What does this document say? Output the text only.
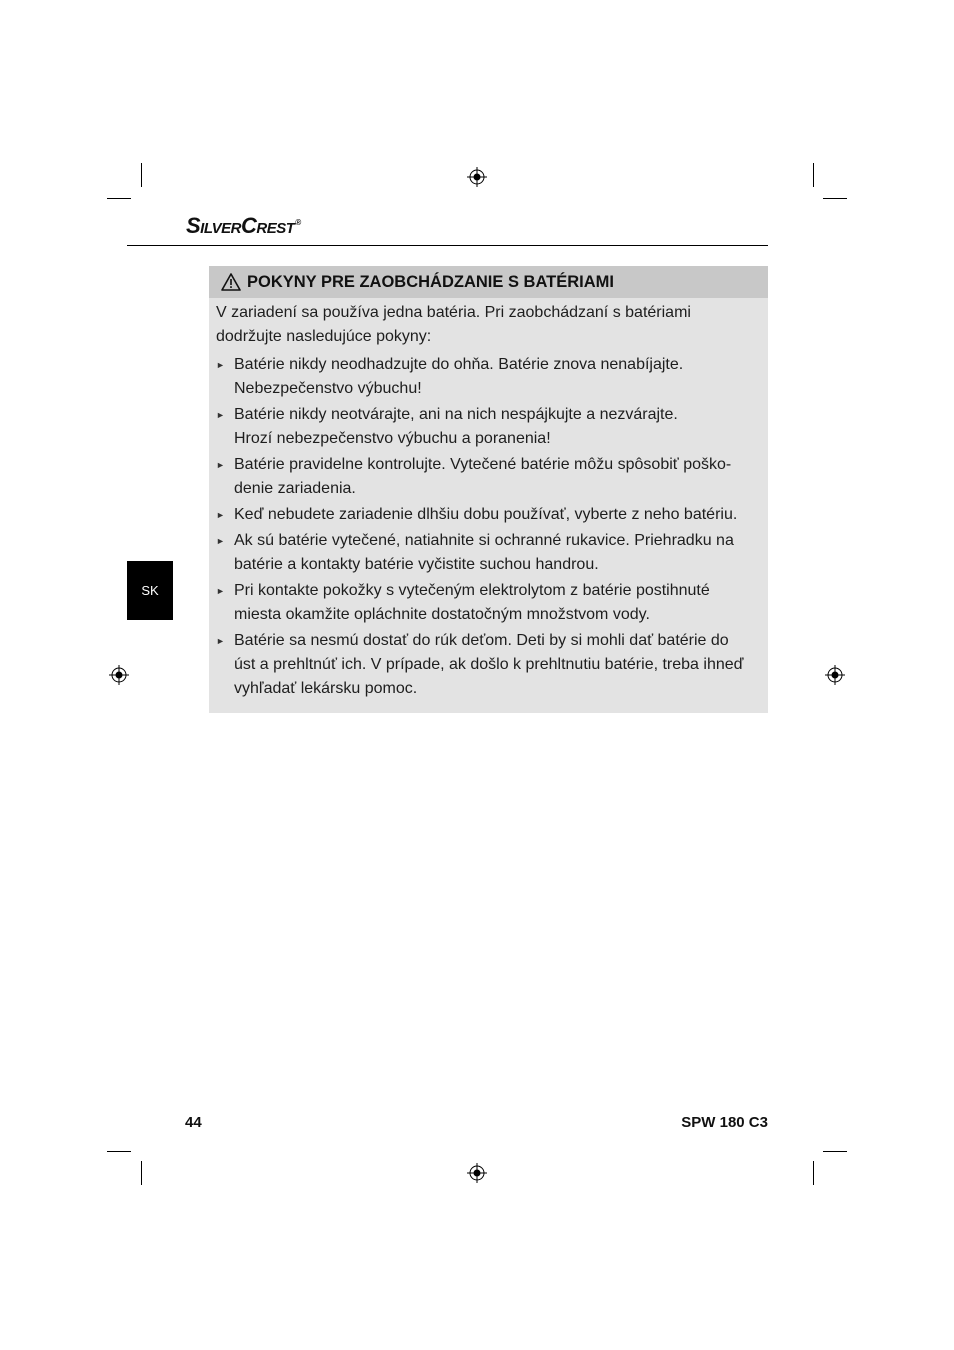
SilverCrest®
SK
POKYNY PRE ZAOBCHÁDZANIE S BATÉRIAMI

V zariadení sa používa jedna batéria. Pri zaobchádzaní s batériami dodržujte nasledujúce pokyny:

► Batérie nikdy neodhadzujte do ohňa. Batérie znova nenabíjajte.
Nebezpečenstvo výbuchu!
► Batérie nikdy neotvárajte, ani na nich nespájkujte a nezvárajte.
Hrozí nebezpečenstvo výbuchu a poranenia!
► Batérie pravidelne kontrolujte. Vytečené batérie môžu spôsobiť poško-
denie zariadenia.
► Keď nebudete zariadenie dlhšiu dobu používať, vyberte z neho batériu.
► Ak sú batérie vytečené, natiahnite si ochranné rukavice. Priehradku na
batérie a kontakty batérie vyčistite suchou handrou.
► Pri kontakte pokožky s vytečeným elektrolytom z batérie postihnuté
miesta okamžite opláchnite dostatočným množstvom vody.
► Batérie sa nesmú dostať do rúk deťom. Deti by si mohli dať batérie do
úst a prehltnúť ich. V prípade, ak došlo k prehltnutiu batérie, treba ihneď
vyhľadať lekársku pomoc.
44	SPW 180 C3
